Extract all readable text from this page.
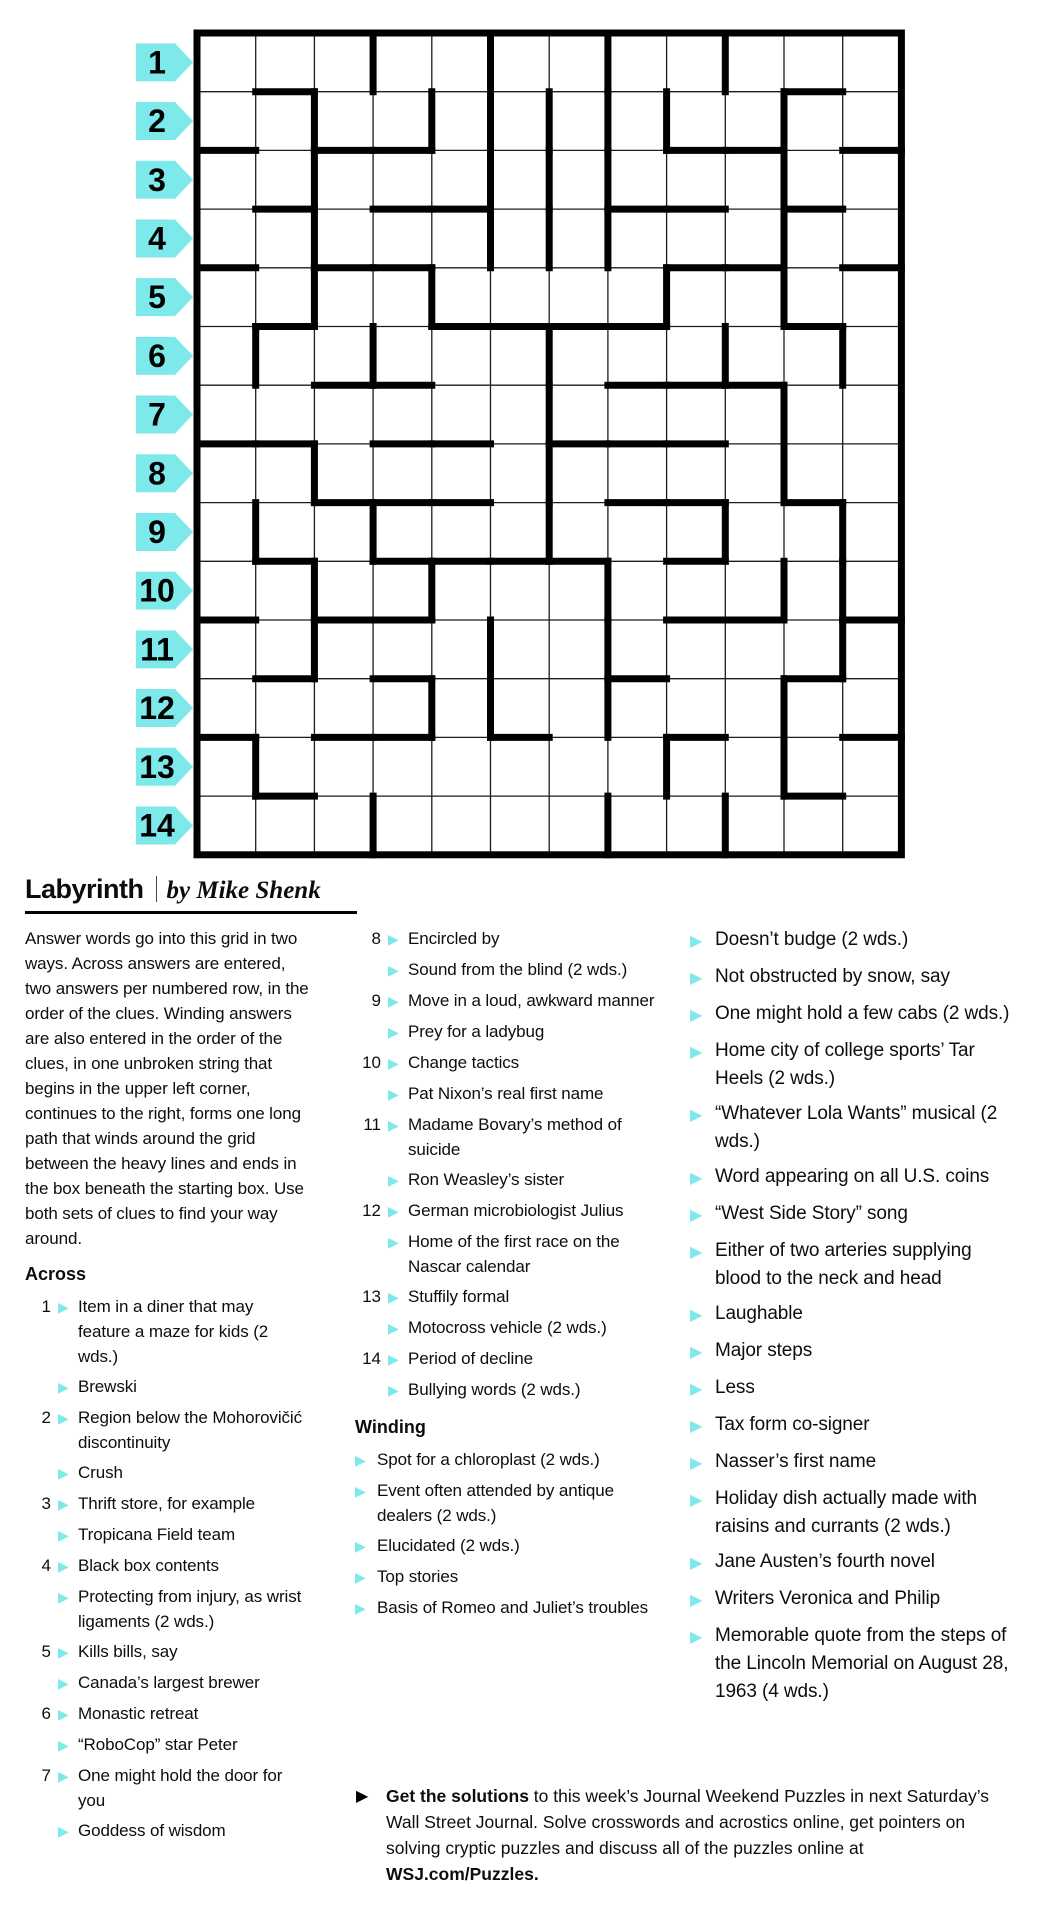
1
2
3
4
5
6
7
8
9
10
11
12
13
14
Labyrinth by Mike Shenk
Answer words go into this grid in two ways. Across answers are entered, two answers per numbered row, in the order of the clues. Winding answers are also entered in the order of the clues, in one unbroken string that begins in the upper left corner, continues to the right, forms one long path that winds around the grid between the heavy lines and ends in the box beneath the starting box. Use both sets of clues to find your way around.
Across
1 ▶ Item in a diner that may feature a maze for kids (2 wds.)
▶ Brewski
2 ▶ Region below the Mohorovičić discontinuity
▶ Crush
3 ▶ Thrift store, for example
▶ Tropicana Field team
4 ▶ Black box contents
▶ Protecting from injury, as wrist ligaments (2 wds.)
5 ▶ Kills bills, say
▶ Canada’s largest brewer
6 ▶ Monastic retreat
▶ “RoboCop” star Peter
7 ▶ One might hold the door for you
▶ Goddess of wisdom
8 ▶ Encircled by
▶ Sound from the blind (2 wds.)
9 ▶ Move in a loud, awkward manner
▶ Prey for a ladybug
10 ▶ Change tactics
▶ Pat Nixon’s real first name
11 ▶ Madame Bovary’s method of suicide
▶ Ron Weasley’s sister
12 ▶ German microbiologist Julius
▶ Home of the first race on the Nascar calendar
13 ▶ Stuffily formal
▶ Motocross vehicle (2 wds.)
14 ▶ Period of decline
▶ Bullying words (2 wds.)
Winding
▶ Spot for a chloroplast (2 wds.)
▶ Event often attended by antique dealers (2 wds.)
▶ Elucidated (2 wds.)
▶ Top stories
▶ Basis of Romeo and Juliet’s troubles
▶ Doesn’t budge (2 wds.)
▶ Not obstructed by snow, say
▶ One might hold a few cabs (2 wds.)
▶ Home city of college sports’ Tar Heels (2 wds.)
▶ “Whatever Lola Wants” musical (2 wds.)
▶ Word appearing on all U.S. coins
▶ “West Side Story” song
▶ Either of two arteries supplying blood to the neck and head
▶ Laughable
▶ Major steps
▶ Less
▶ Tax form co-signer
▶ Nasser’s first name
▶ Holiday dish actually made with raisins and currants (2 wds.)
▶ Jane Austen’s fourth novel
▶ Writers Veronica and Philip
▶ Memorable quote from the steps of the Lincoln Memorial on August 28, 1963 (4 wds.)
▶	Get the solutions to this week’s Journal Weekend Puzzles in next Saturday’s Wall Street Journal. Solve crosswords and acrostics online, get pointers on solving cryptic puzzles and discuss all of the puzzles online at WSJ.com/Puzzles.
